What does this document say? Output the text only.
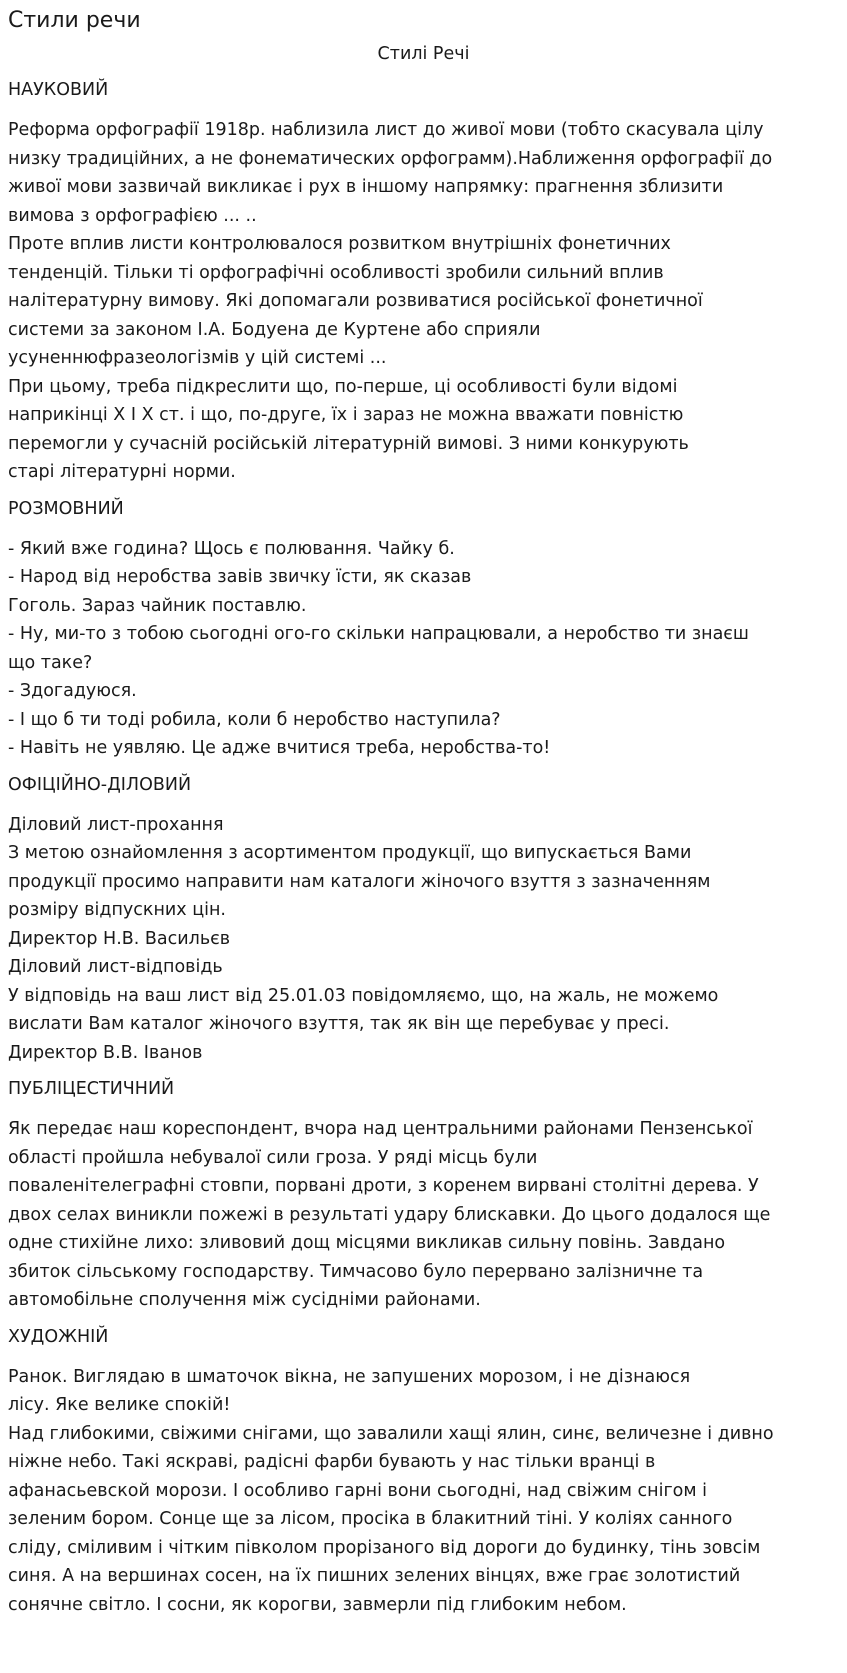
Стили речи
Стилі Речі
НАУКОВИЙ
Реформа орфографії 1918р. наблизила лист до живої мови (тобто скасувала цілу
низку традиційних, а не фонематических орфограмм).Наближення орфографії до
живої мови зазвичай викликає і рух в іншому напрямку: прагнення зблизити
вимова з орфографією ... ..
Проте вплив листи контролювалося розвитком внутрішніх фонетичних
тенденцій. Тільки ті орфографічні особливості зробили сильний вплив
налітературну вимову. Які допомагали розвиватися російської фонетичної
системи за законом І.А. Бодуена де Куртене або сприяли
усуненнюфразеологізмів у цій системі ...
При цьому, треба підкреслити що, по-перше, ці особливості були відомі
наприкінці X I X ст. і що, по-друге, їх і зараз не можна вважати повністю
перемогли у сучасній російській літературній вимові. З ними конкурують
старі літературні норми.
РОЗМОВНИЙ
- Який вже година? Щось є полювання. Чайку б.
- Народ від неробства завів звичку їсти, як сказав
Гоголь. Зараз чайник поставлю.
- Ну, ми-то з тобою сьогодні ого-го скільки напрацювали, а неробство ти знаєш
що таке?
- Здогадуюся.
- І що б ти тоді робила, коли б неробство наступила?
- Навіть не уявляю. Це адже вчитися треба, неробства-то!
ОФІЦІЙНО-ДІЛОВИЙ
Діловий лист-прохання
З метою ознайомлення з асортиментом продукції, що випускається Вами
продукції просимо направити нам каталоги жіночого взуття з зазначенням
розміру відпускних цін.
Директор Н.В. Васильєв
Діловий лист-відповідь
У відповідь на ваш лист від 25.01.03 повідомляємо, що, на жаль, не можемо
вислати Вам каталог жіночого взуття, так як він ще перебуває у пресі.
Директор В.В. Іванов
ПУБЛІЦЕСТИЧНИЙ
Як передає наш кореспондент, вчора над центральними районами Пензенської
області пройшла небувалої сили гроза. У ряді місць були
поваленітелеграфні стовпи, порвані дроти, з коренем вирвані столітні дерева. У
двох селах виникли пожежі в результаті удару блискавки. До цього додалося ще
одне стихійне лихо: зливовий дощ місцями викликав сильну повінь. Завдано
збиток сільському господарству. Тимчасово було перервано залізничне та
автомобільне сполучення між сусідніми районами.
ХУДОЖНІЙ
Ранок. Виглядаю в шматочок вікна, не запушених морозом, і не дізнаюся
лісу. Яке велике спокій!
Над глибокими, свіжими снігами, що завалили хащі ялин, синє, величезне і дивно
ніжне небо. Такі яскраві, радісні фарби бувають у нас тільки вранці в
афанасьевской морози. І особливо гарні вони сьогодні, над свіжим снігом і
зеленим бором. Сонце ще за лісом, просіка в блакитний тіні. У коліях санного
сліду, сміливим і чітким півколом прорізаного від дороги до будинку, тінь зовсім
синя. А на вершинах сосен, на їх пишних зелених вінцях, вже грає золотистий
сонячне світло. І сосни, як корогви, завмерли під глибоким небом.
